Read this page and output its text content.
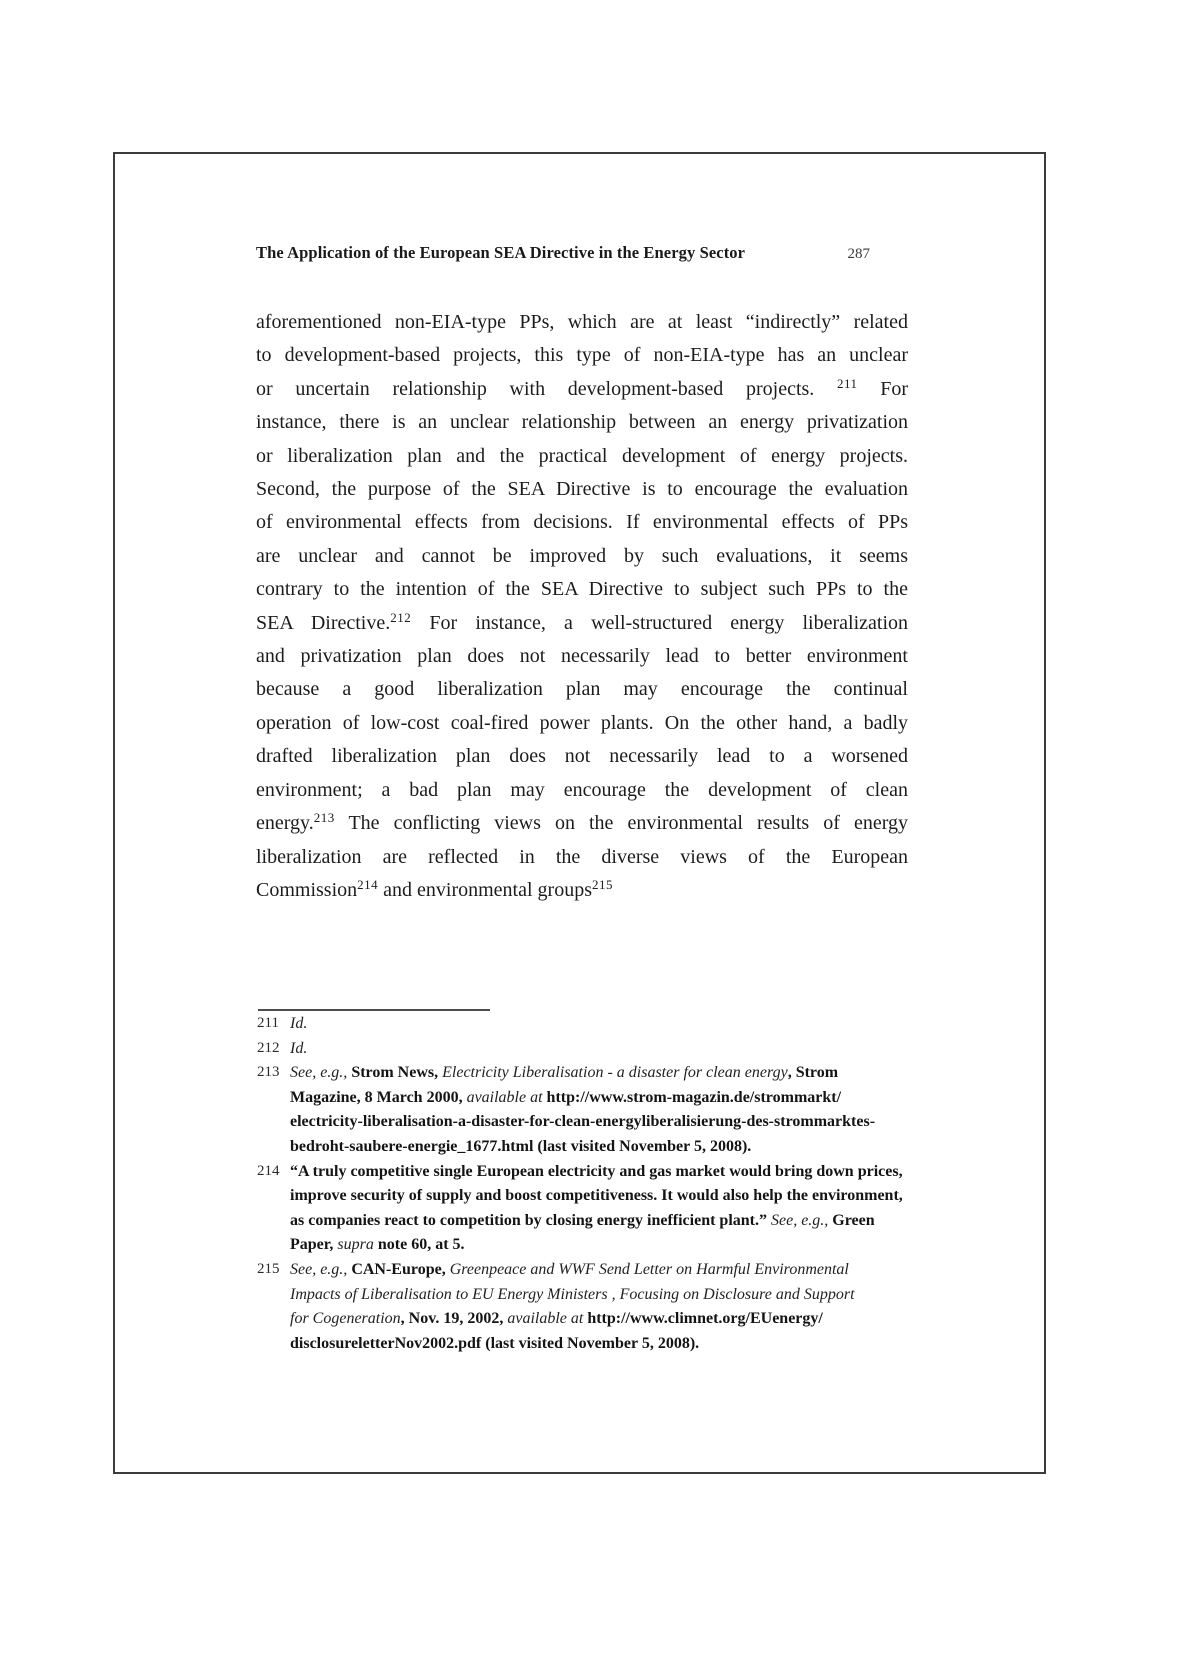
The Application of the European SEA Directive in the Energy Sector	287
aforementioned non-EIA-type PPs, which are at least “indirectly” related
to development-based projects, this type of non-EIA-type has an unclear
or uncertain relationship with development-based projects. $^{211}$ For
instance, there is an unclear relationship between an energy privatization
or liberalization plan and the practical development of energy projects.
Second, the purpose of the SEA Directive is to encourage the evaluation
of environmental effects from decisions. If environmental effects of PPs
are unclear and cannot be improved by such evaluations, it seems
contrary to the intention of the SEA Directive to subject such PPs to the
SEA Directive.$^{212}$ For instance, a well-structured energy liberalization
and privatization plan does not necessarily lead to better environment
because a good liberalization plan may encourage the continual
operation of low-cost coal-fired power plants. On the other hand, a badly
drafted liberalization plan does not necessarily lead to a worsened
environment; a bad plan may encourage the development of clean
energy.$^{213}$ The conflicting views on the environmental results of energy
liberalization are reflected in the diverse views of the European
Commission$^{214}$ and environmental groups$^{215}$
211 Id.
212 Id.
213 See, e.g., Strom News, Electricity Liberalisation - a disaster for clean energy, Strom
Magazine, 8 March 2000, available at http://www.strom-magazin.de/strommarkt/
electricity-liberalisation-a-disaster-for-clean-energyliberalisierung-des-strommarktes-
bedroht-saubere-energie_1677.html (last visited November 5, 2008).
214 “A truly competitive single European electricity and gas market would bring down prices,
improve security of supply and boost competitiveness. It would also help the environment,
as companies react to competition by closing energy inefficient plant.” See, e.g., Green
Paper, supra note 60, at 5.
215 See, e.g., CAN-Europe, Greenpeace and WWF Send Letter on Harmful Environmental
Impacts of Liberalisation to EU Energy Ministers , Focusing on Disclosure and Support
for Cogeneration, Nov. 19, 2002, available at http://www.climnet.org/EUenergy/
disclosureletterNov2002.pdf (last visited November 5, 2008).
